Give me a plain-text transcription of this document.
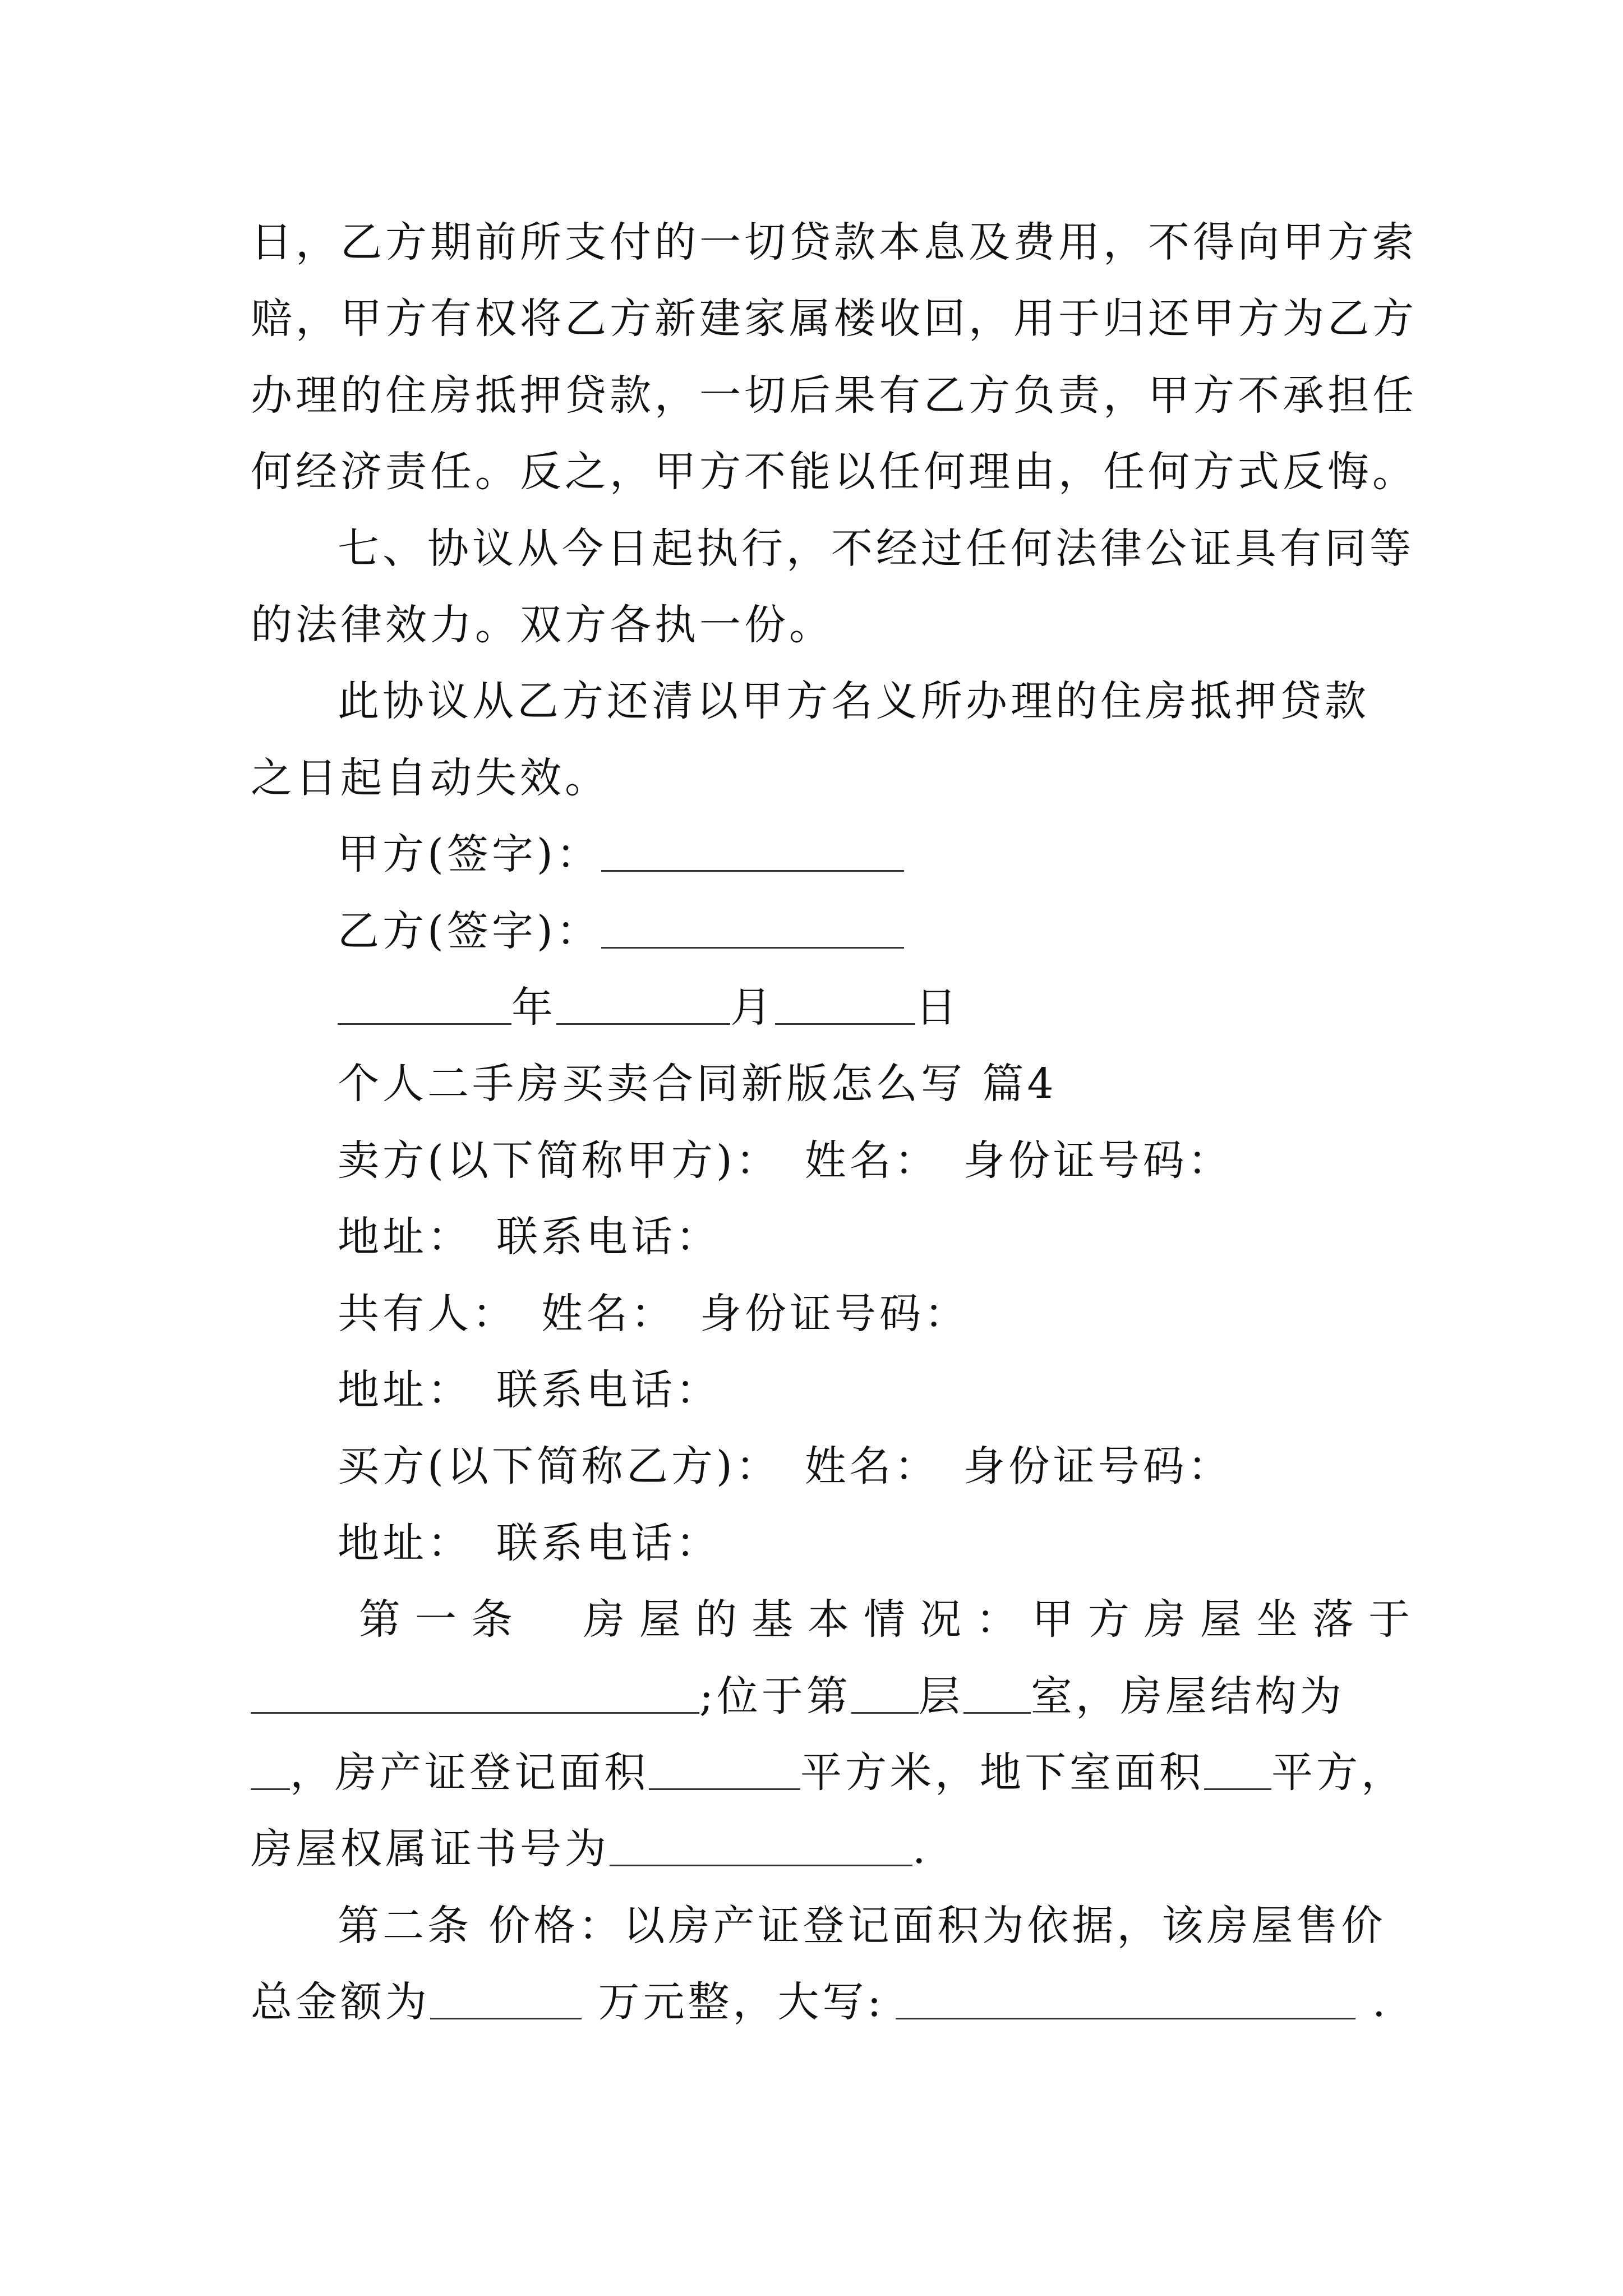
日，乙方期前所支付的一切贷款本息及费用，不得向甲方索
赔，甲方有权将乙方新建家属楼收回，用于归还甲方为乙方
办理的住房抵押贷款，一切后果有乙方负责，甲方不承担任
何经济责任。反之，甲方不能以任何理由，任何方式反悔。
七、协议从今日起执行，不经过任何法律公证具有同等
的法律效力。双方各执一份。
此协议从乙方还清以甲方名义所办理的住房抵押贷款
之日起自动失效。
甲方(签字)：
乙方(签字)：
年	月	日
个人二手房买卖合同新版怎么写 篇4
卖方(以下简称甲方)：　姓名：　身份证号码：
地址：　联系电话：
共有人：　姓名：　身份证号码：
地址：　联系电话：
买方(以下简称乙方)：　姓名：　身份证号码：
地址：　联系电话：
第一条　房屋的基本情况：甲方房屋坐落于
;位于第 层 室，房屋结构为
，房产证登记面积	平方米，地下室面积 平方，
房屋权属证书号为	.
第二条 价格：以房产证登记面积为依据，该房屋售价
总金额为	万元整，大写:	.
